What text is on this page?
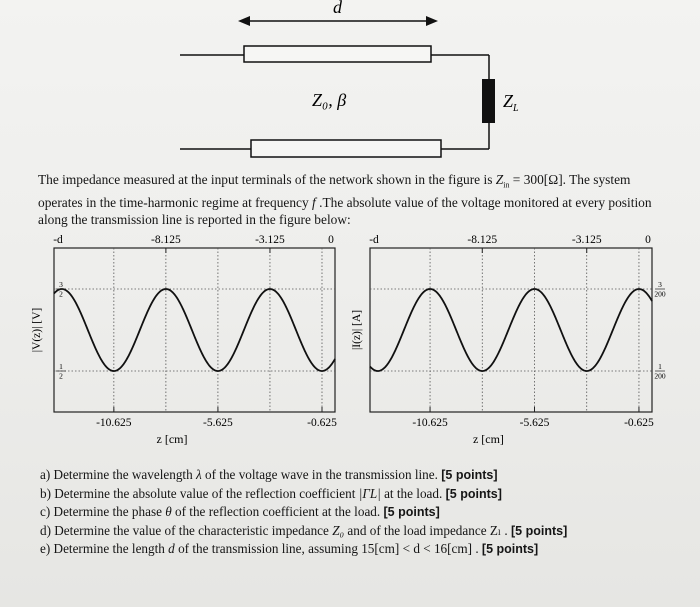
d
$Z_L$
Z₀, β
The impedance measured at the input terminals of the network shown in the figure is $Z_{in} = 300[\Omega]$. The system operates in the time-harmonic regime at frequency f .The absolute value of the voltage monitored at every position along the transmission line is reported in the figure below:
-d	-8.125	-3.125	0
-10.625	-5.625	-0.625
z [cm]
|V(z)| [V]
3
2
1
2
-d	-8.125	-3.125	0
-10.625	-5.625	-0.625
z [cm]
|I(z)| [A]
3
200
1
200
a) Determine the wavelength λ of the voltage wave in the transmission line. [5 points]
b) Determine the absolute value of the reflection coefficient |ΓL| at the load. [5 points]
c) Determine the phase θ of the reflection coefficient at the load. [5 points]
d) Determine the value of the characteristic impedance Z₀ and of the load impedance Zₗ . [5 points]
e) Determine the length d of the transmission line, assuming 15[cm] < d < 16[cm] . [5 points]
